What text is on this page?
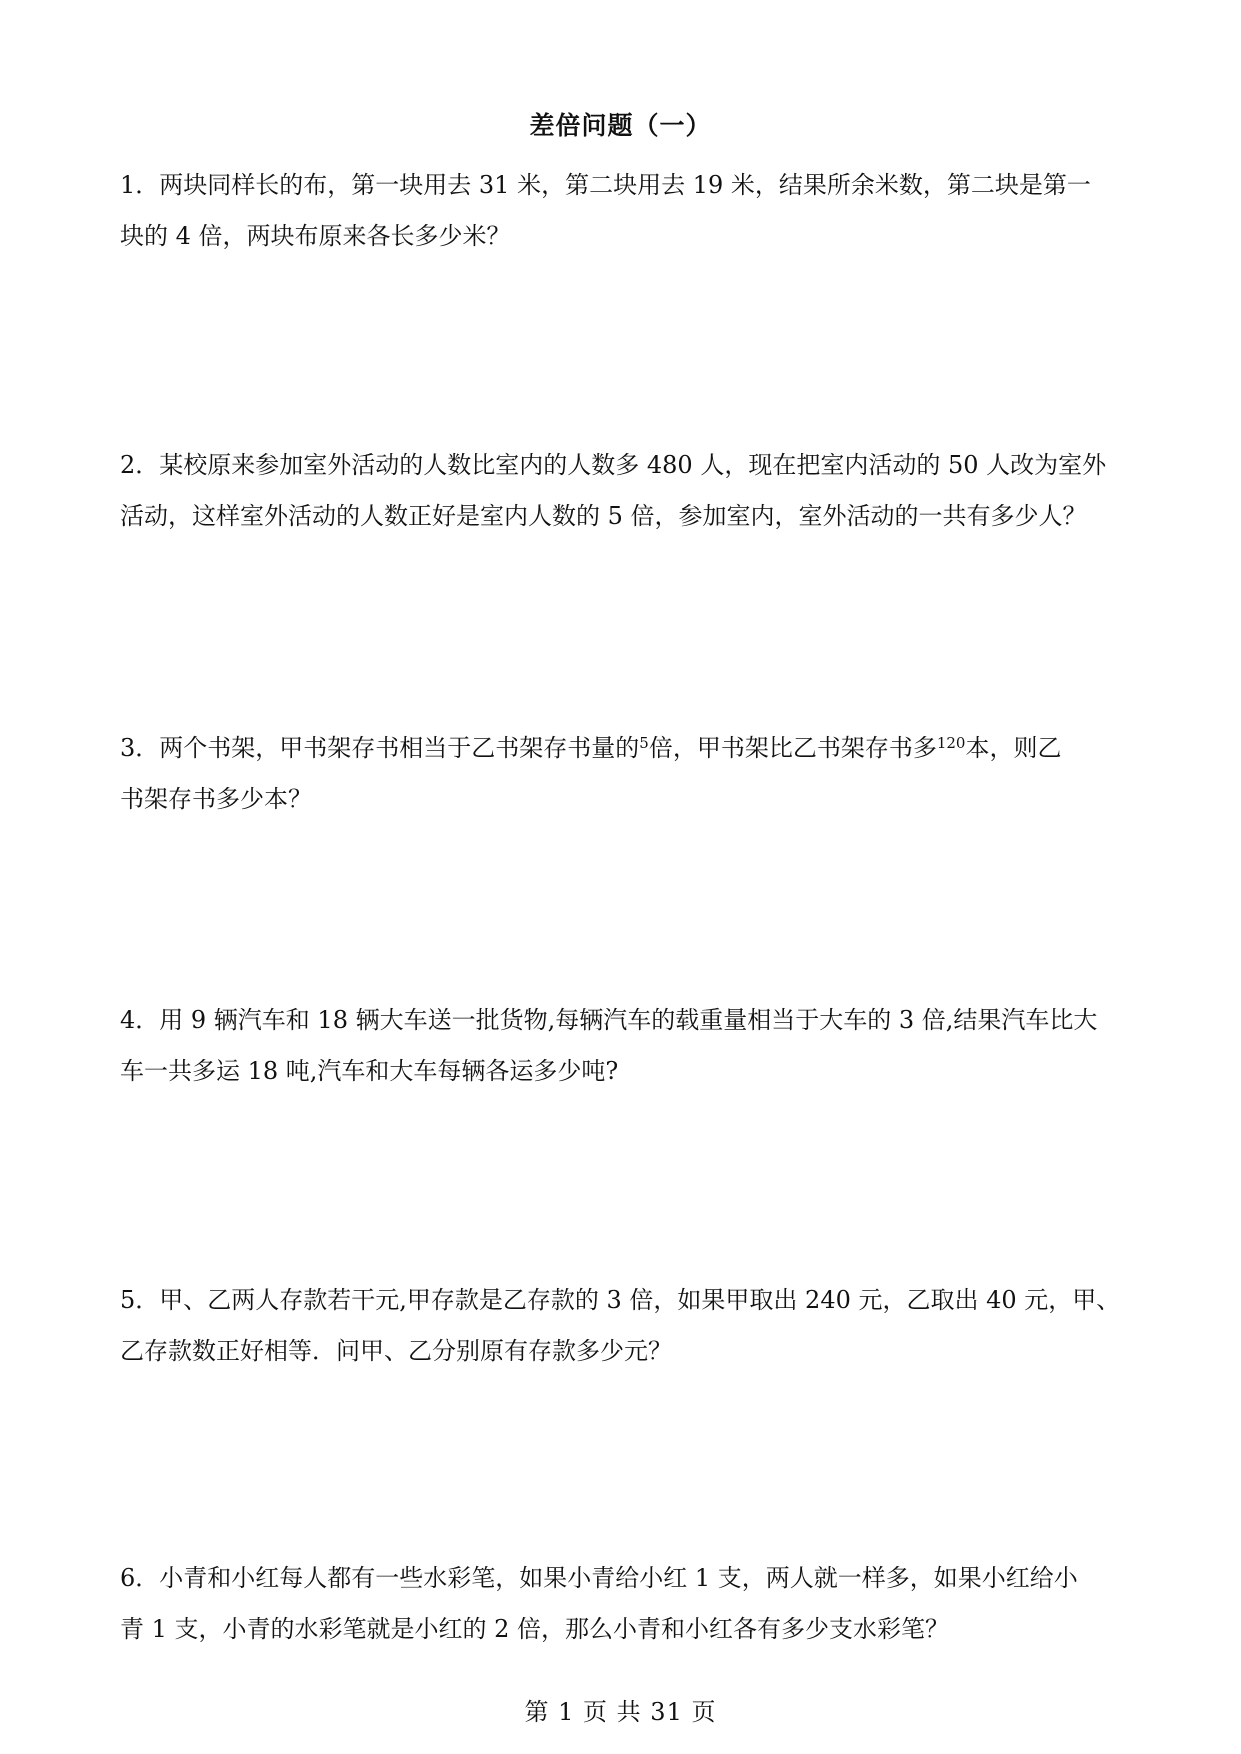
差倍问题（一）
1．两块同样长的布，第一块用去 31 米，第二块用去 19 米，结果所余米数，第二块是第一
块的 4 倍，两块布原来各长多少米？
2．某校原来参加室外活动的人数比室内的人数多 480 人，现在把室内活动的 50 人改为室外
活动，这样室外活动的人数正好是室内人数的 5 倍，参加室内，室外活动的一共有多少人？
3．两个书架，甲书架存书相当于乙书架存书量的$^5$倍，甲书架比乙书架存书多$^{120}$本，则乙
书架存书多少本？
4．用 9 辆汽车和 18 辆大车送一批货物,每辆汽车的载重量相当于大车的 3 倍,结果汽车比大
车一共多运 18 吨,汽车和大车每辆各运多少吨?
5．甲、乙两人存款若干元,甲存款是乙存款的 3 倍，如果甲取出 240 元，乙取出 40 元，甲、
乙存款数正好相等．问甲、乙分别原有存款多少元？
6．小青和小红每人都有一些水彩笔，如果小青给小红 1 支，两人就一样多，如果小红给小
青 1 支，小青的水彩笔就是小红的 2 倍，那么小青和小红各有多少支水彩笔？
第 1 页 共 31 页
